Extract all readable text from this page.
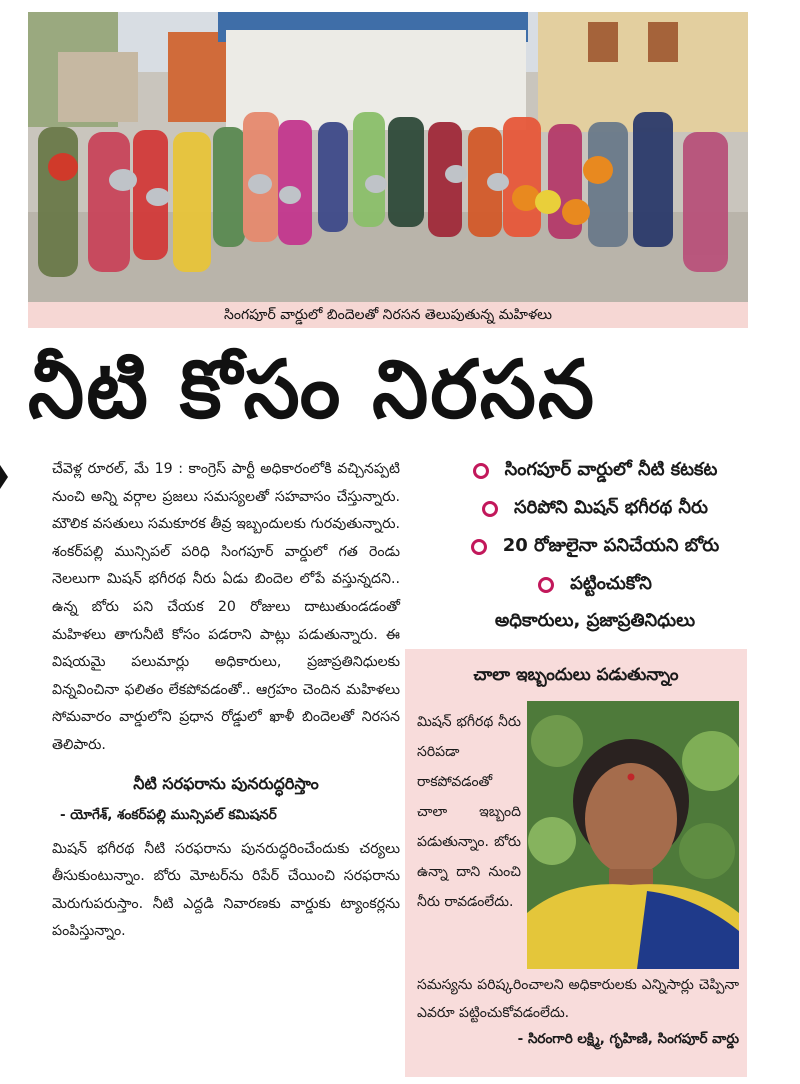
సింగపూర్ వార్డులో బిందెలతో నిరసన తెలుపుతున్న మహిళలు
నీటి కోసం నిరసన

చేవెళ్ల రూరల్, మే 19 : కాంగ్రెస్ పార్టీ అధికారంలోకి వచ్చినప్పటి నుంచి అన్ని వర్గాల ప్రజలు సమస్యలతో సహవాసం చేస్తున్నారు. మౌలిక వసతులు సమకూరక తీవ్ర ఇబ్బందులకు గురవుతున్నారు. శంకర్‌పల్లి మున్సిపల్ పరిధి సింగపూర్ వార్డులో గత రెండు నెలలుగా మిషన్ భగీరథ నీరు ఏడు బిందెల లోపే వస్తున్నదని.. ఉన్న బోరు పని చేయక 20 రోజులు దాటుతుండడంతో మహిళలు తాగునీటి కోసం పడరాని పాట్లు పడుతున్నారు. ఈ విషయమై పలుమార్లు అధికారులు, ప్రజాప్రతినిధులకు విన్నవించినా ఫలితం లేకపోవడంతో.. ఆగ్రహం చెందిన మహిళలు సోమవారం వార్డులోని ప్రధాన రోడ్డులో ఖాళీ బిందెలతో నిరసన తెలిపారు.

నీటి సరఫరాను పునరుద్ధరిస్తాం
- యోగేశ్, శంకర్‌పల్లి మున్సిపల్ కమిషనర్

మిషన్ భగీరథ నీటి సరఫరాను పునరుద్ధరించేందుకు చర్యలు తీసుకుంటున్నాం. బోరు మోటర్‌ను రిపేర్ చేయించి సరఫరాను మెరుగుపరుస్తాం. నీటి ఎద్దడి నివారణకు వార్డుకు ట్యాంకర్లను పంపిస్తున్నాం.

సింగపూర్ వార్డులో నీటి కటకట
సరిపోని మిషన్ భగీరథ నీరు
20 రోజులైనా పనిచేయని బోరు
పట్టించుకోని
అధికారులు, ప్రజాప్రతినిధులు
చాలా ఇబ్బందులు పడుతున్నాం
మిషన్ భగీరథ నీరు సరిపడా రాకపోవడంతో చాలా ఇబ్బంది పడుతున్నాం. బోరు ఉన్నా దాని నుంచి నీరు రావడంలేదు.
సమస్యను పరిష్కరించాలని అధికారులకు ఎన్నిసార్లు చెప్పినా ఎవరూ పట్టించుకోవడంలేదు.
- సిరంగారి లక్ష్మి, గృహిణి, సింగపూర్ వార్డు
